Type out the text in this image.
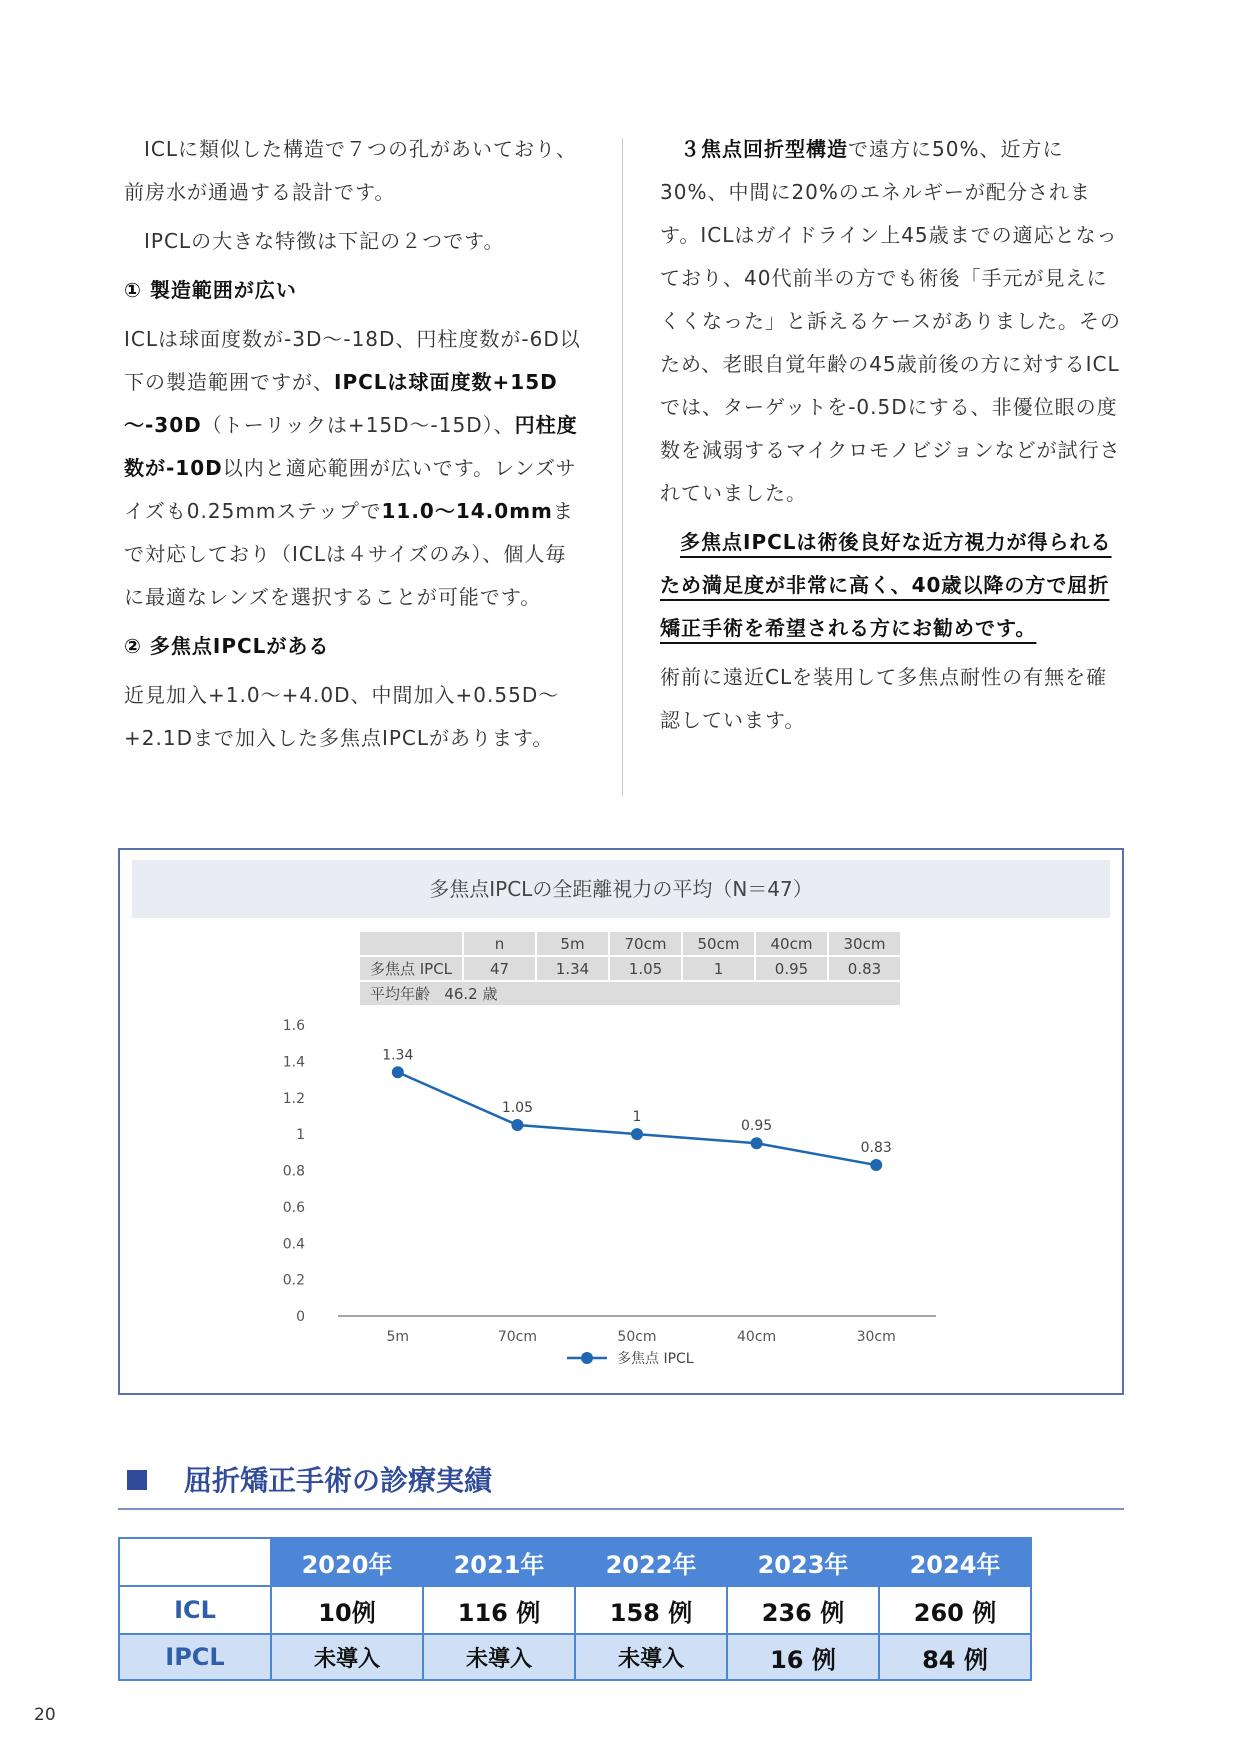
ICLに類似した構造で７つの孔があいており、前房水が通過する設計です。

IPCLの大きな特徴は下記の２つです。

① 製造範囲が広い

ICLは球面度数が-3D～-18D、円柱度数が-6D以下の製造範囲ですが、IPCLは球面度数+15D～-30D（トーリックは+15D～-15D）、円柱度数が-10D以内と適応範囲が広いです。レンズサイズも0.25mmステップで11.0～14.0mmまで対応しており（ICLは４サイズのみ）、個人毎に最適なレンズを選択することが可能です。

② 多焦点IPCLがある

近見加入+1.0～+4.0D、中間加入+0.55D～+2.1Dまで加入した多焦点IPCLがあります。

３焦点回折型構造で遠方に50%、近方に30%、中間に20%のエネルギーが配分されます。ICLはガイドライン上45歳までの適応となっており、40代前半の方でも術後「手元が見えにくくなった」と訴えるケースがありました。そのため、老眼自覚年齢の45歳前後の方に対するICLでは、ターゲットを-0.5Dにする、非優位眼の度数を減弱するマイクロモノビジョンなどが試行されていました。

多焦点IPCLは術後良好な近方視力が得られるため満足度が非常に高く、40歳以降の方で屈折矯正手術を希望される方にお勧めです。

術前に遠近CLを装用して多焦点耐性の有無を確認しています。

多焦点IPCLの全距離視力の平均（N＝47）
	n	5m	70cm	50cm	40cm	30cm
多焦点 IPCL	47	1.34	1.05	1	0.95	0.83
平均年齢 46.2 歳						
0
0.2
0.4
0.6
0.8
1
1.2
1.4
1.6
5m	70cm	50cm	40cm	30cm
1.34
1.05
1
0.95
0.83
多焦点 IPCL
屈折矯正手術の診療実績
	2020年	2021年	2022年	2023年	2024年
ICL	10例	116 例	158 例	236 例	260 例
IPCL	未導入	未導入	未導入	16 例	84 例
20
